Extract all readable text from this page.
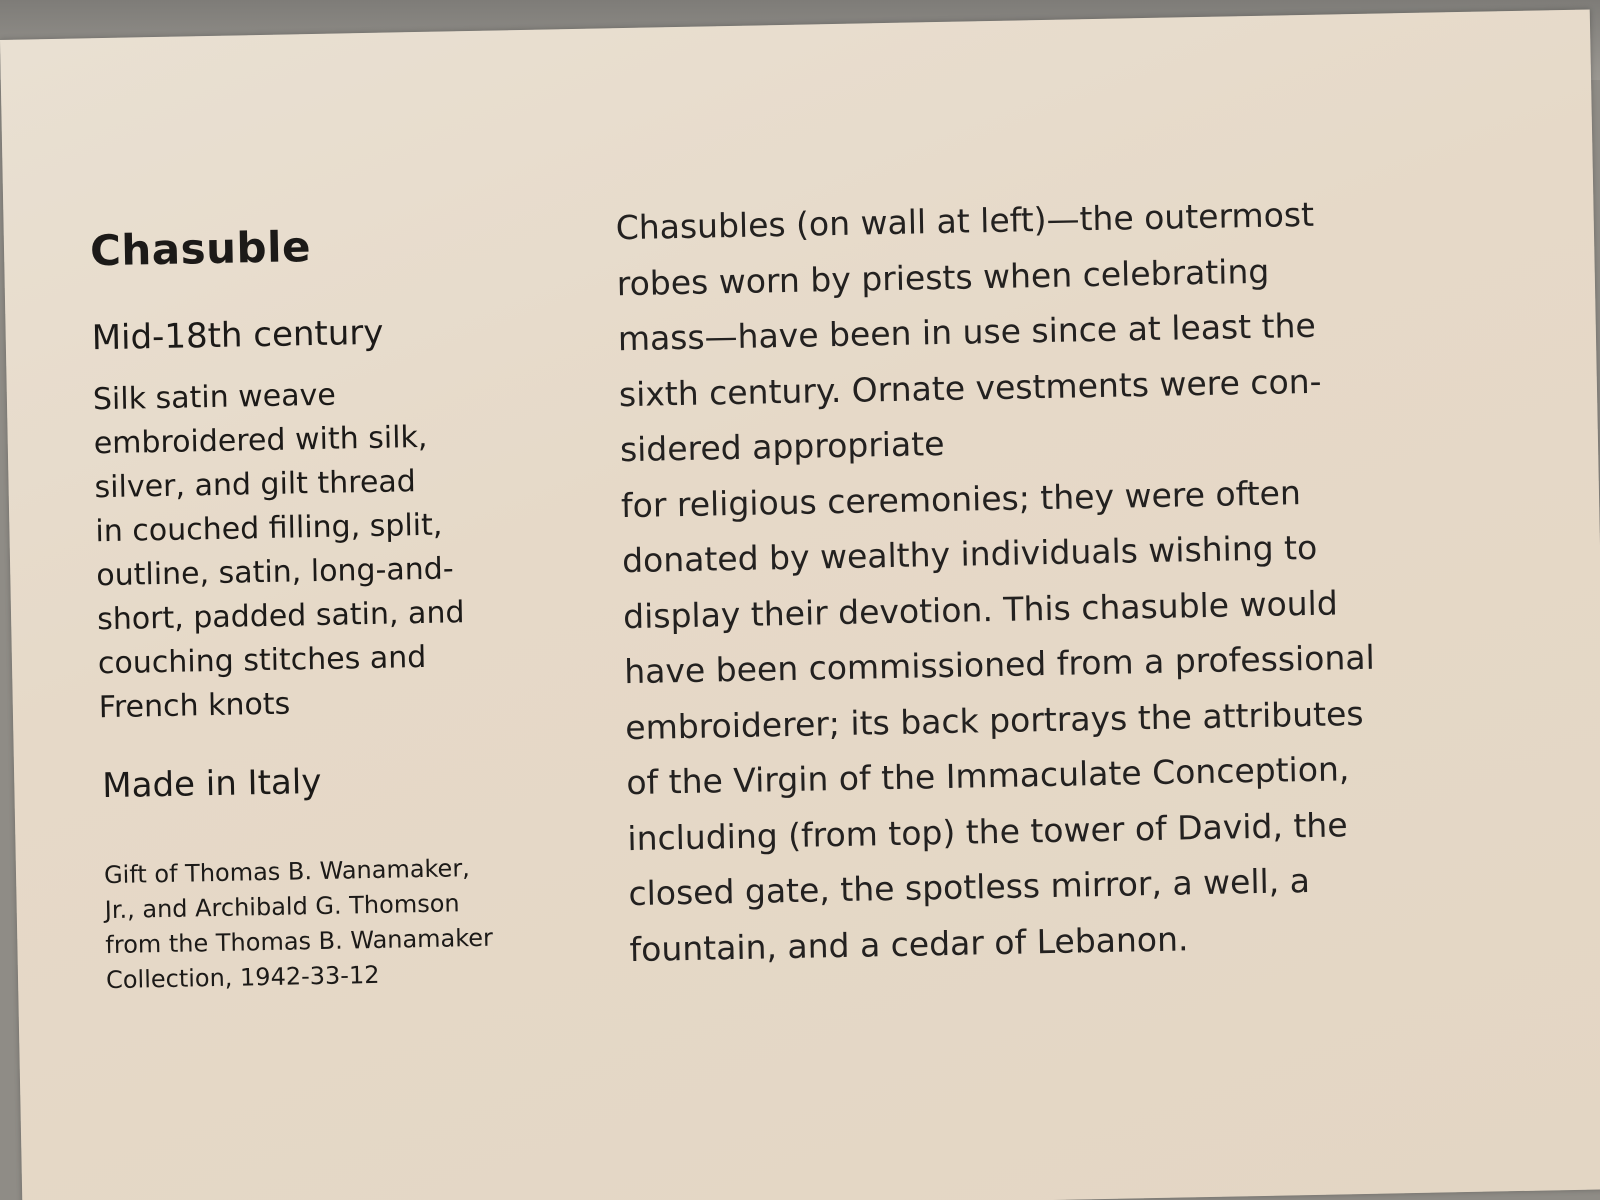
Chasuble
Mid-18th century
Silk satin weave
embroidered with silk,
silver, and gilt thread
in couched filling, split,
outline, satin, long-and-
short, padded satin, and
couching stitches and
French knots
Made in Italy
Gift of Thomas B. Wanamaker,
Jr., and Archibald G. Thomson
from the Thomas B. Wanamaker
Collection, 1942-33-12
Chasubles (on wall at left)—the outermost
robes worn by priests when celebrating
mass—have been in use since at least the
sixth century. Ornate vestments were con-
sidered appropriate
for religious ceremonies; they were often
donated by wealthy individuals wishing to
display their devotion. This chasuble would
have been commissioned from a professional
embroiderer; its back portrays the attributes
of the Virgin of the Immaculate Conception,
including (from top) the tower of David, the
closed gate, the spotless mirror, a well, a
fountain, and a cedar of Lebanon.
